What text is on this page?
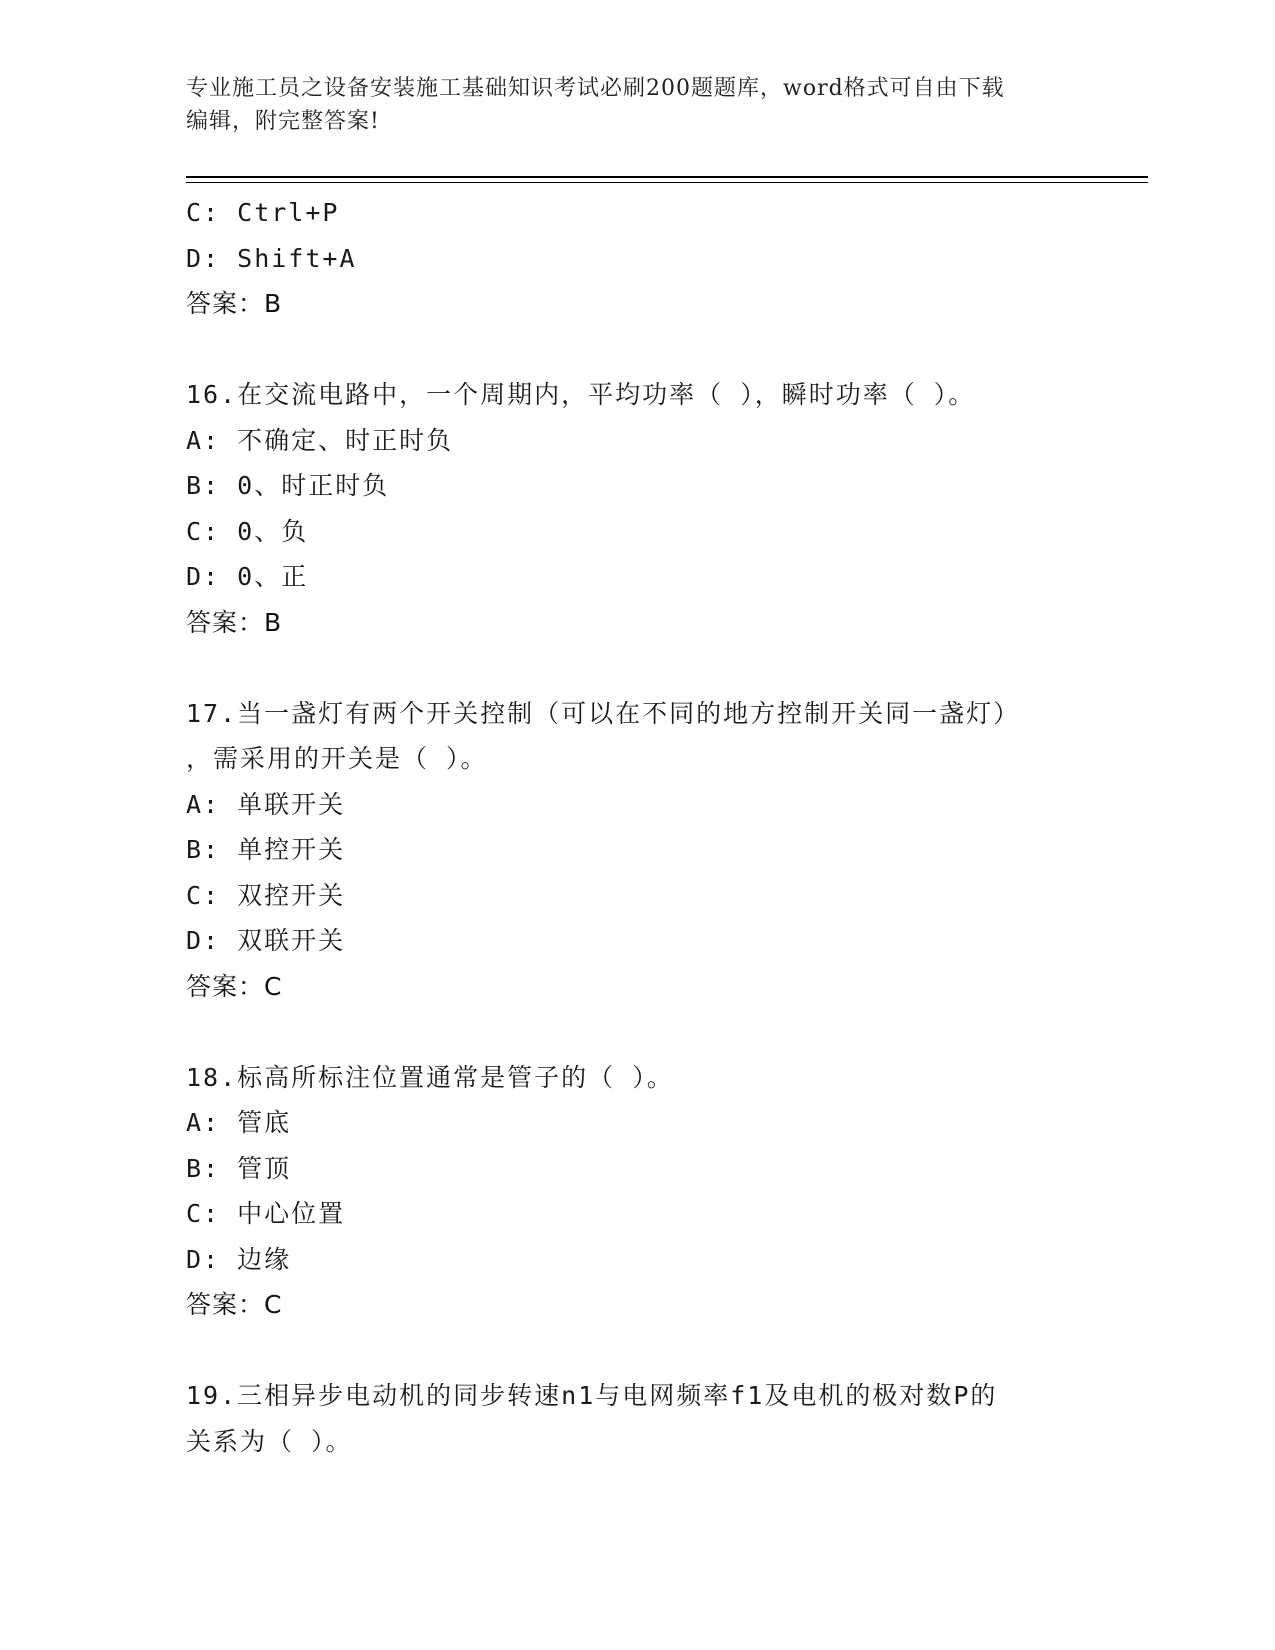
专业施工员之设备安装施工基础知识考试必刷200题题库，word格式可自由下载
编辑，附完整答案!
C: Ctrl+P
D: Shift+A
答案：B
16.在交流电路中，一个周期内，平均功率（ ），瞬时功率（ ）。
A: 不确定、时正时负
B: 0、时正时负
C: 0、负
D: 0、正
答案：B
17.当一盏灯有两个开关控制（可以在不同的地方控制开关同一盏灯）
，需采用的开关是（ ）。
A: 单联开关
B: 单控开关
C: 双控开关
D: 双联开关
答案：C
18.标高所标注位置通常是管子的（ ）。
A: 管底
B: 管顶
C: 中心位置
D: 边缘
答案：C
19.三相异步电动机的同步转速n1与电网频率f1及电机的极对数P的
关系为（ ）。
